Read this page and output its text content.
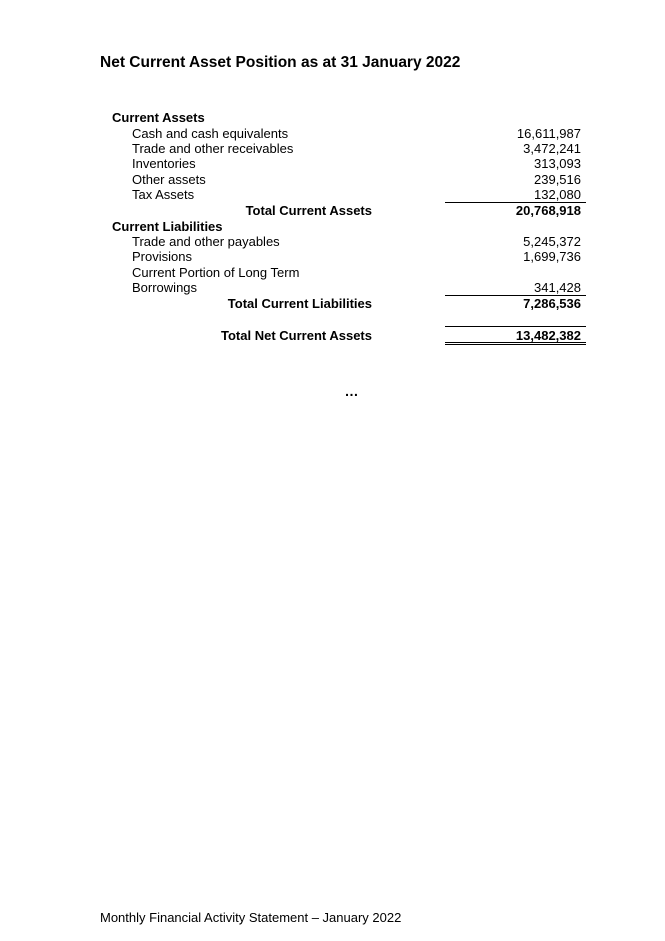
Net Current Asset Position as at 31 January 2022
Current Assets
Cash and cash equivalents	16,611,987
Trade and other receivables	3,472,241
Inventories	313,093
Other assets	239,516
Tax Assets	132,080
Total Current Assets	20,768,918
Current Liabilities
Trade and other payables	5,245,372
Provisions	1,699,736
Current Portion of Long Term
Borrowings	341,428
Total Current Liabilities	7,286,536
Total Net Current Assets	13,482,382
…
Monthly Financial Activity Statement – January 2022
